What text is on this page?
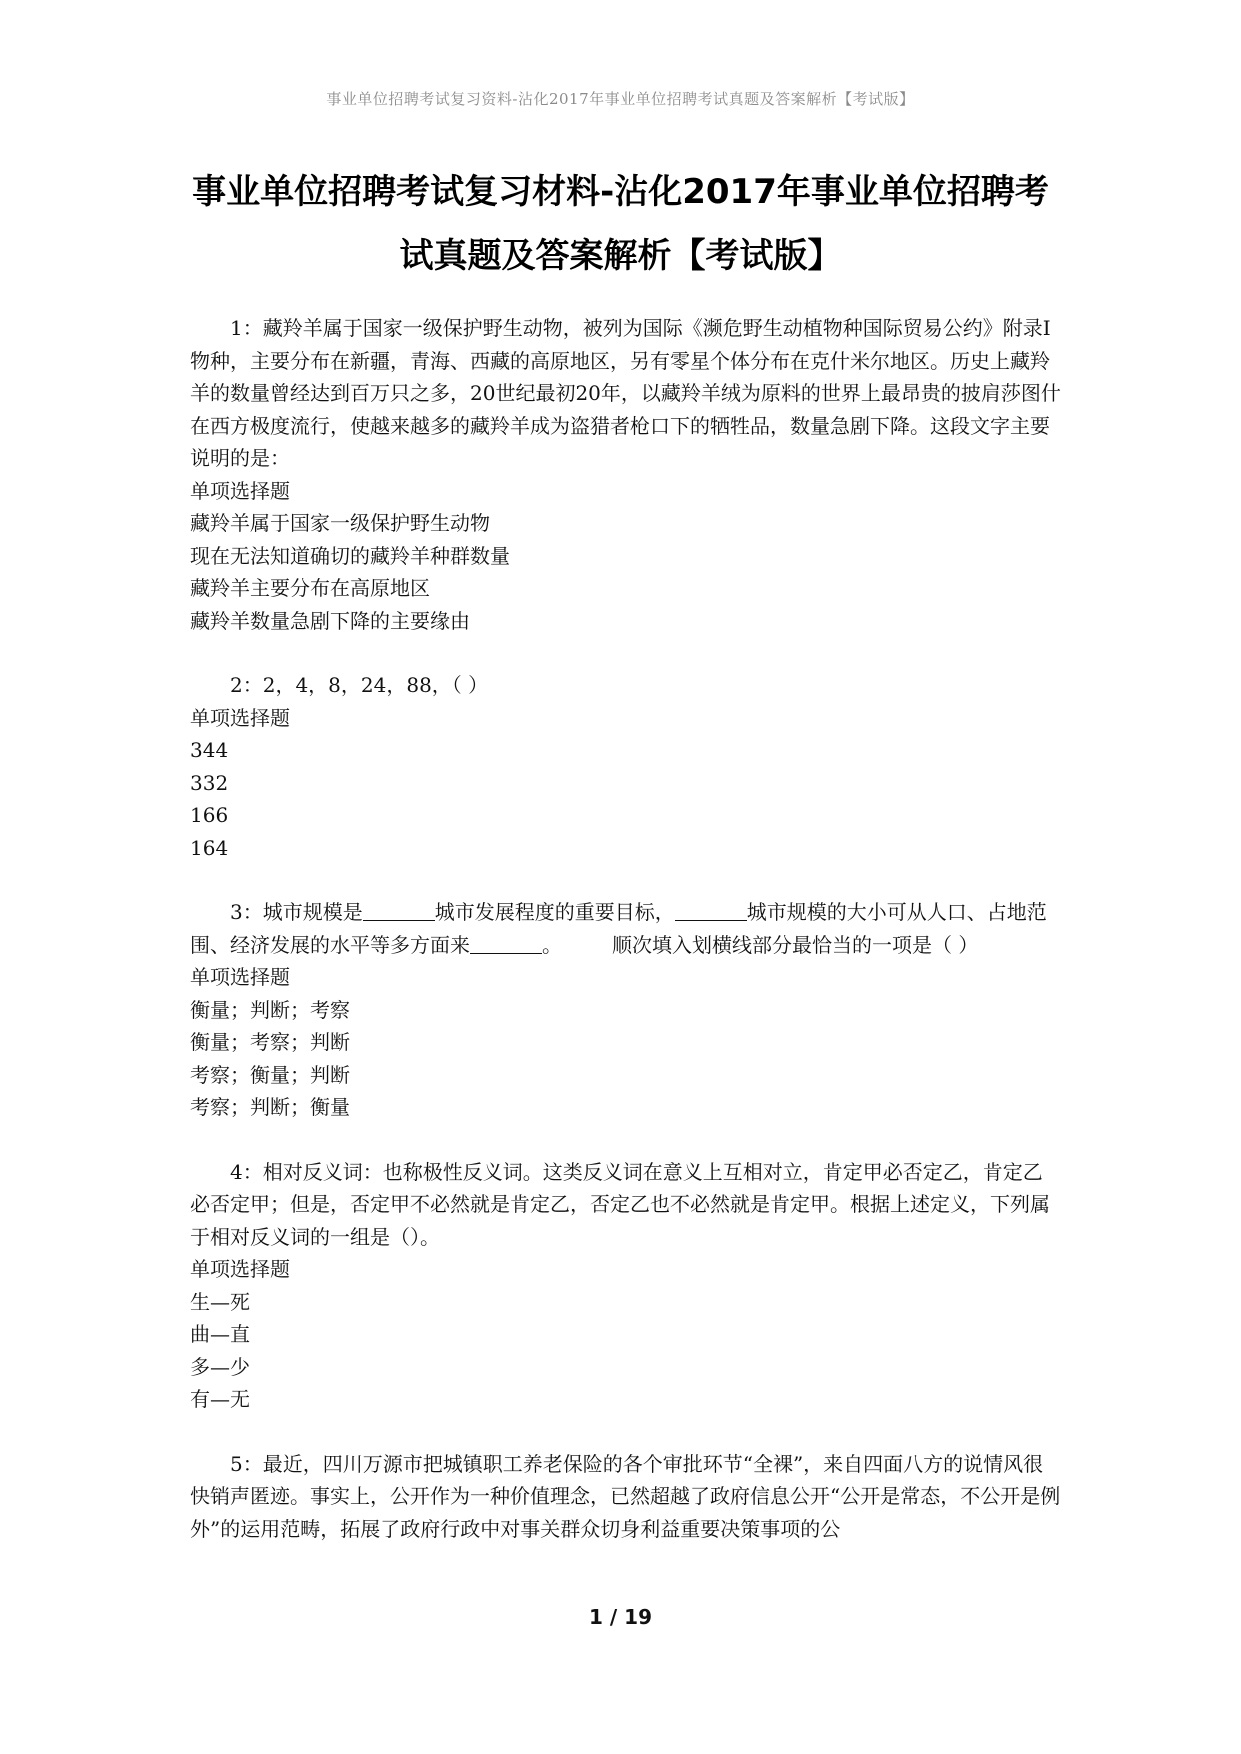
事业单位招聘考试复习资料-沾化2017年事业单位招聘考试真题及答案解析【考试版】
事业单位招聘考试复习材料-沾化2017年事业单位招聘考
试真题及答案解析【考试版】

1：藏羚羊属于国家一级保护野生动物，被列为国际《濒危野生动植物种国际贸易公约》附录Ⅰ物种，主要分布在新疆，青海、西藏的高原地区，另有零星个体分布在克什米尔地区。历史上藏羚羊的数量曾经达到百万只之多，20世纪最初20年，以藏羚羊绒为原料的世界上最昂贵的披肩莎图什在西方极度流行，使越来越多的藏羚羊成为盗猎者枪口下的牺牲品，数量急剧下降。这段文字主要说明的是：

单项选择题

藏羚羊属于国家一级保护野生动物

现在无法知道确切的藏羚羊种群数量

藏羚羊主要分布在高原地区

藏羚羊数量急剧下降的主要缘由

2：2，4，8，24，88，（ ）

单项选择题

344

332

166

164

3：城市规模是	城市发展程度的重要目标，	城市规模的大小可从人口、占地范围、经济发展的水平等多方面来	。	顺次填入划横线部分最恰当的一项是（ ）

单项选择题

衡量；判断；考察

衡量；考察；判断

考察；衡量；判断

考察；判断；衡量

4：相对反义词：也称极性反义词。这类反义词在意义上互相对立，肯定甲必否定乙，肯定乙必否定甲；但是，否定甲不必然就是肯定乙，否定乙也不必然就是肯定甲。根据上述定义，下列属于相对反义词的一组是（）。

单项选择题

生—死

曲—直

多—少

有—无

5：最近，四川万源市把城镇职工养老保险的各个审批环节“全裸”，来自四面八方的说情风很快销声匿迹。事实上，公开作为一种价值理念，已然超越了政府信息公开“公开是常态，不公开是例外”的运用范畴，拓展了政府行政中对事关群众切身利益重要决策事项的公

1 / 19
